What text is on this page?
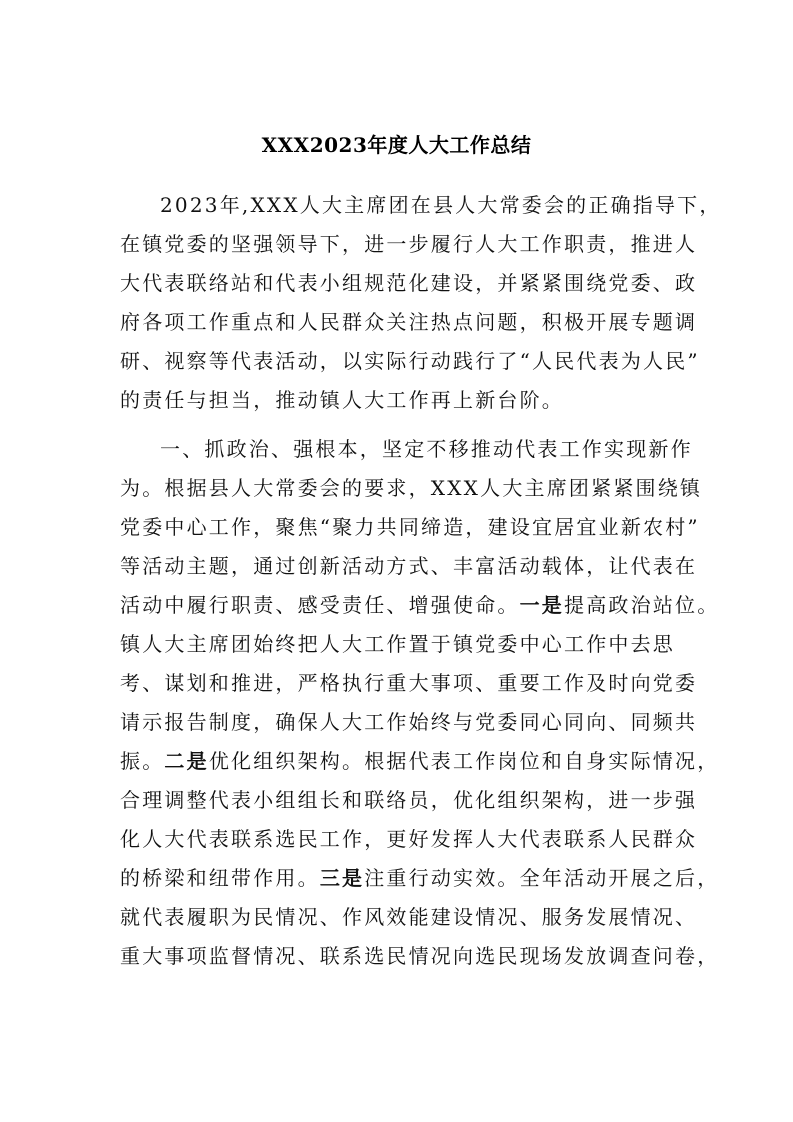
XXX2023年度人大工作总结
2023年,XXX人大主席团在县人大常委会的正确指导下，
在镇党委的坚强领导下，进一步履行人大工作职责，推进人
大代表联络站和代表小组规范化建设，并紧紧围绕党委、政
府各项工作重点和人民群众关注热点问题，积极开展专题调
研、视察等代表活动，以实际行动践行了“人民代表为人民”
的责任与担当，推动镇人大工作再上新台阶。
一、抓政治、强根本，坚定不移推动代表工作实现新作
为。根据县人大常委会的要求，XXX人大主席团紧紧围绕镇
党委中心工作，聚焦“聚力共同缔造，建设宜居宜业新农村”
等活动主题，通过创新活动方式、丰富活动载体，让代表在
活动中履行职责、感受责任、增强使命。一是提高政治站位。
镇人大主席团始终把人大工作置于镇党委中心工作中去思
考、谋划和推进，严格执行重大事项、重要工作及时向党委
请示报告制度，确保人大工作始终与党委同心同向、同频共
振。二是优化组织架构。根据代表工作岗位和自身实际情况，
合理调整代表小组组长和联络员，优化组织架构，进一步强
化人大代表联系选民工作，更好发挥人大代表联系人民群众
的桥梁和纽带作用。三是注重行动实效。全年活动开展之后，
就代表履职为民情况、作风效能建设情况、服务发展情况、
重大事项监督情况、联系选民情况向选民现场发放调查问卷，
